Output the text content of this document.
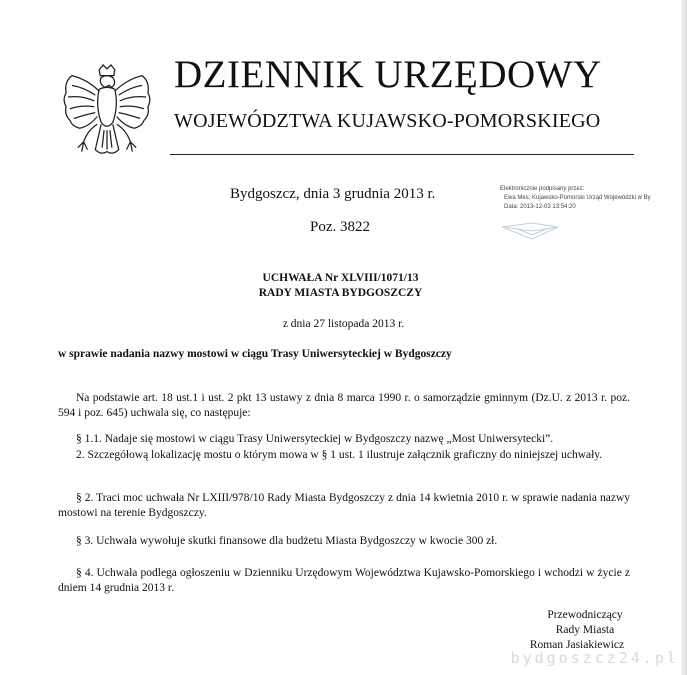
DZIENNIK URZĘDOWY
WOJEWÓDZTWA KUJAWSKO-POMORSKIEGO
Bydgoszcz, dnia 3 grudnia 2013 r.
Poz. 3822
Elektronicznie podpisany przez:
Ewa Mes; Kujawsko-Pomorski Urząd Wojewódzki w By
Data: 2013-12-03 13:54:20
UCHWAŁA Nr XLVIII/1071/13
RADY MIASTA BYDGOSZCZY
z dnia 27 listopada 2013 r.
w sprawie nadania nazwy mostowi w ciągu Trasy Uniwersyteckiej w Bydgoszczy
Na podstawie art. 18 ust.1 i ust. 2 pkt 13 ustawy z dnia 8 marca 1990 r. o samorządzie gminnym (Dz.U. z 2013 r. poz. 594 i poz. 645) uchwala się, co następuje:
§ 1.1. Nadaje się mostowi w ciągu Trasy Uniwersyteckiej w Bydgoszczy nazwę „Most Uniwersytecki”.
2. Szczegółową lokalizację mostu o którym mowa w § 1 ust. 1 ilustruje załącznik graficzny do niniejszej uchwały.
§ 2. Traci moc uchwała Nr LXIII/978/10 Rady Miasta Bydgoszczy z dnia 14 kwietnia 2010 r. w sprawie nadania nazwy mostowi na terenie Bydgoszczy.
§ 3. Uchwała wywołuje skutki finansowe dla budżetu Miasta Bydgoszczy w kwocie 300 zł.
§ 4. Uchwała podlega ogłoszeniu w Dzienniku Urzędowym Województwa Kujawsko-Pomorskiego i wchodzi w życie z dniem 14 grudnia 2013 r.
Przewodniczący
Rady Miasta
Roman Jasiakiewicz
bydgoszcz24.pl
